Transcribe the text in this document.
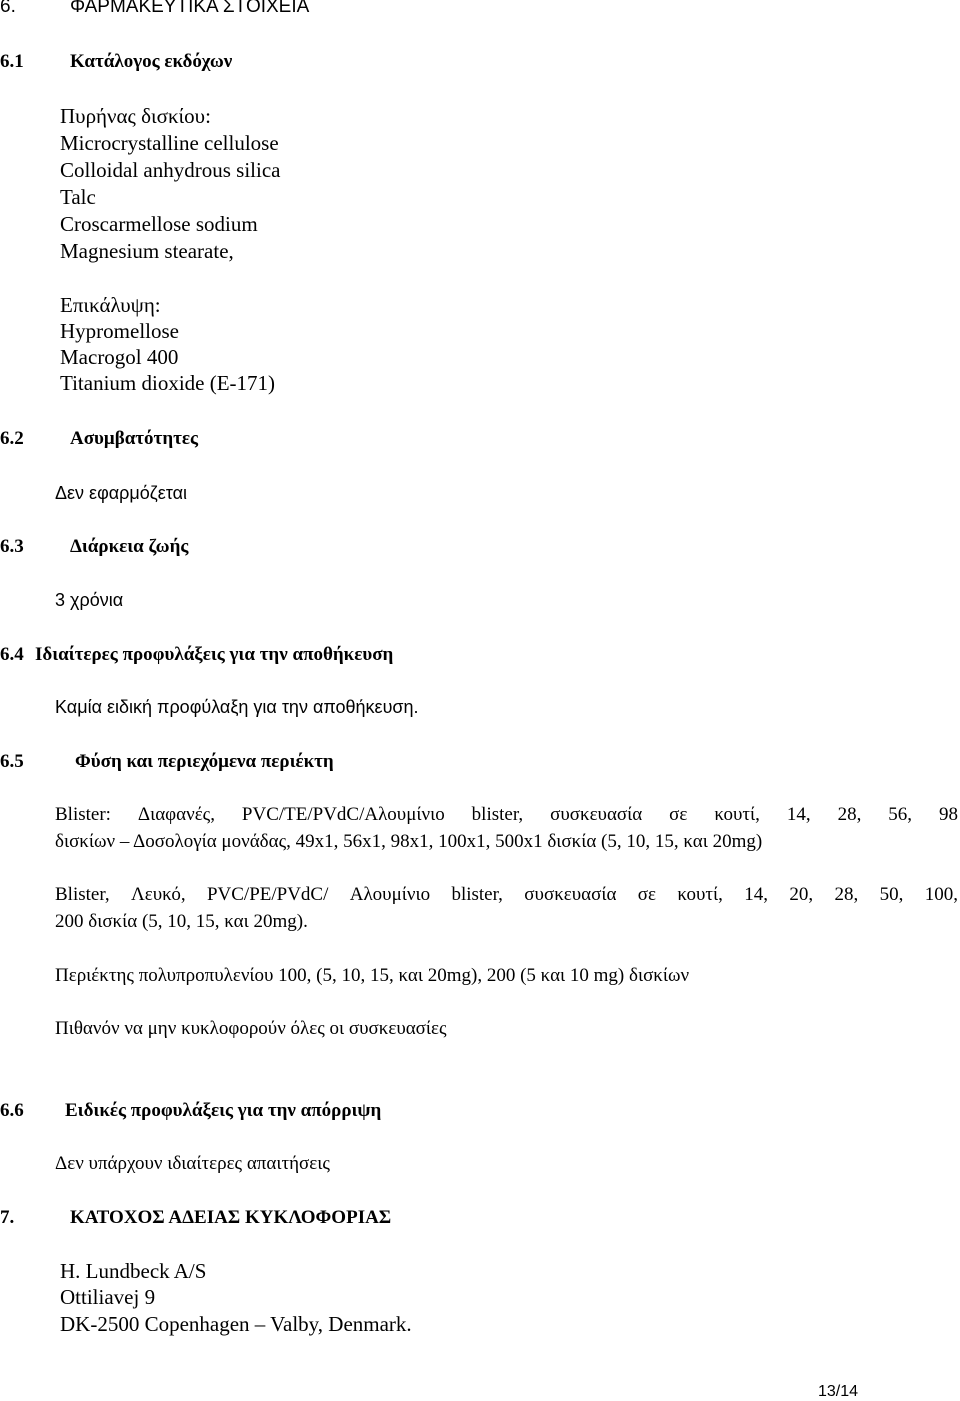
6.	ΦΑΡΜΑΚΕΥΤΙΚΑ ΣΤΟΙΧΕΙΑ
6.1 Κατάλογος εκδόχων
Πυρήνας δισκίου:
Microcrystalline cellulose
Colloidal anhydrous silica
Talc
Croscarmellose sodium
Magnesium stearate,
Επικάλυψη:
Hypromellose
Macrogol 400
Titanium dioxide (E-171)
6.2 Ασυμβατότητες
Δεν εφαρμόζεται
6.3 Διάρκεια ζωής
3 χρόνια
6.4 Ιδιαίτερες προφυλάξεις για την αποθήκευση
Καμία ειδική προφύλαξη για την αποθήκευση.
6.5	Φύση και περιεχόμενα περιέκτη
Blister: Διαφανές, PVC/TE/PVdC/Αλουμίνιο blister, συσκευασία σε κουτί, 14, 28, 56, 98
δισκίων – Δοσολογία μονάδας, 49x1, 56x1, 98x1, 100x1, 500x1 δισκία (5, 10, 15, και 20mg)
Blister, Λευκό, PVC/PE/PVdC/ Αλουμίνιο blister, συσκευασία σε κουτί, 14, 20, 28, 50, 100,
200 δισκία (5, 10, 15, και 20mg).
Περιέκτης πολυπροπυλενίου 100, (5, 10, 15, και 20mg), 200 (5 και 10 mg) δισκίων
Πιθανόν να μην κυκλοφορούν όλες οι συσκευασίες
6.6 Ειδικές προφυλάξεις για την απόρριψη
Δεν υπάρχουν ιδιαίτερες απαιτήσεις
7.	ΚΑΤΟΧΟΣ ΑΔΕΙΑΣ ΚΥΚΛΟΦΟΡΙΑΣ
H. Lundbeck A/S
Ottiliavej 9
DK-2500 Copenhagen – Valby, Denmark.
13/14
